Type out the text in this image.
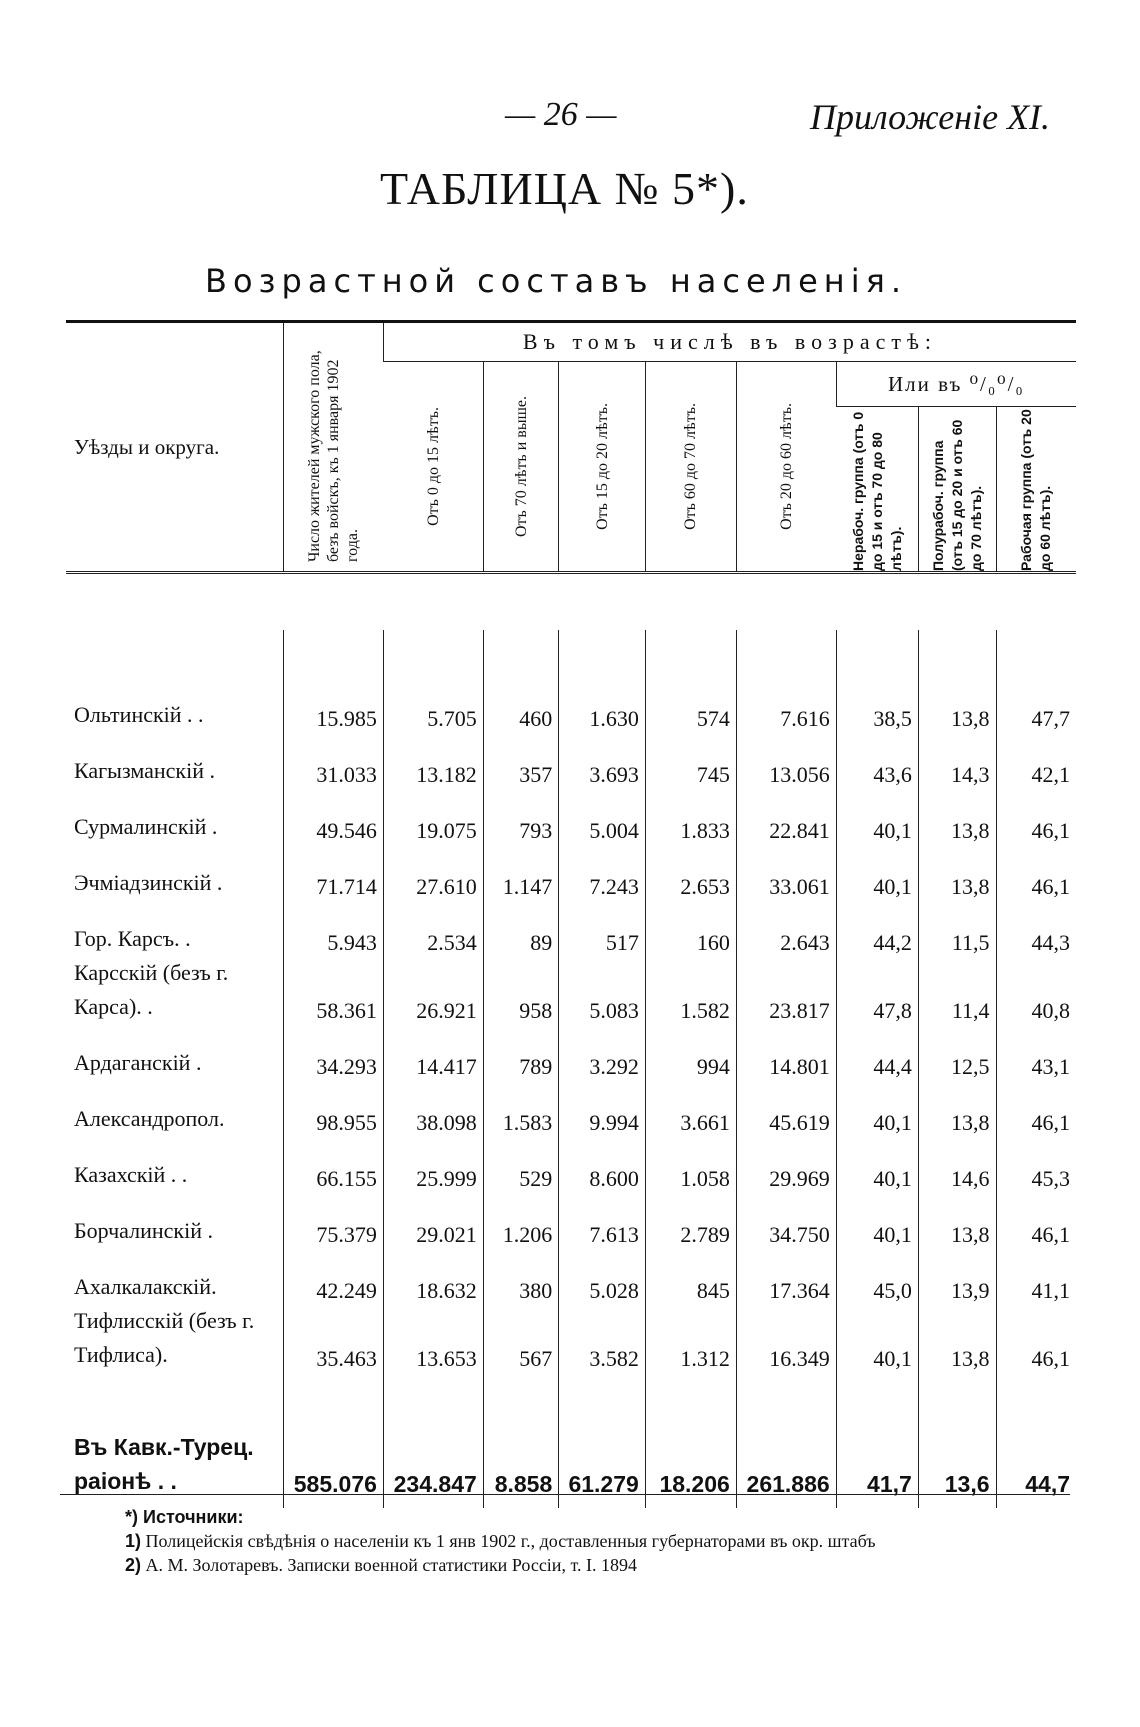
— 26 —	Приложеніе XI.
ТАБЛИЦА № 5*).
Возрастной составъ населенія.
Уѣзды и округа.	Число жителей мужского пола, безъ войскъ, къ 1 января 1902 года.	Въ томъ числѣ въ возрастѣ:							

		Отъ 0 до 15 лѣтъ.	Отъ 70 лѣтъ и выше.	Отъ 15 до 20 лѣтъ.	Отъ 60 до 70 лѣтъ.	Отъ 20 до 60 лѣтъ.	Или въ ⁰/₀⁰/₀		

							Нерабоч. группа (отъ 0 до 15 и отъ 70 до 80 лѣтъ).	Полурабоч. группа (отъ 15 до 20 и отъ 60 до 70 лѣтъ).	Рабочая группа (отъ 20 до 60 лѣтъ).

Ольтинскій . .	15.985	5.705	460	1.630	574	7.616	38,5	13,8	47,7
Кагызманскій .	31.033	13.182	357	3.693	745	13.056	43,6	14,3	42,1
Сурмалинскій .	49.546	19.075	793	5.004	1.833	22.841	40,1	13,8	46,1
Эчміадзинскій .	71.714	27.610	1.147	7.243	2.653	33.061	40,1	13,8	46,1
Гор. Карсъ. .	5.943	2.534	89	517	160	2.643	44,2	11,5	44,3
Карсскій (безъ г. Карса). .	58.361	26.921	958	5.083	1.582	23.817	47,8	11,4	40,8
Ардаганскій .	34.293	14.417	789	3.292	994	14.801	44,4	12,5	43,1
Александропол.	98.955	38.098	1.583	9.994	3.661	45.619	40,1	13,8	46,1
Казахскій . .	66.155	25.999	529	8.600	1.058	29.969	40,1	14,6	45,3
Борчалинскій .	75.379	29.021	1.206	7.613	2.789	34.750	40,1	13,8	46,1
Ахалкалакскій.	42.249	18.632	380	5.028	845	17.364	45,0	13,9	41,1
Тифлисскій (безъ г. Тифлиса).	35.463	13.653	567	3.582	1.312	16.349	40,1	13,8	46,1

Въ Кавк.-Турец. раіонѣ . .	585.076	234.847	8.858	61.279	18.206	261.886	41,7	13,6	44,7
*) Источники:
1) Полицейскія свѣдѣнія о населеніи къ 1 янв 1902 г., доставленныя губернаторами въ окр. штабъ
2) А. М. Золотаревъ. Записки военной статистики Россіи, т. I. 1894
